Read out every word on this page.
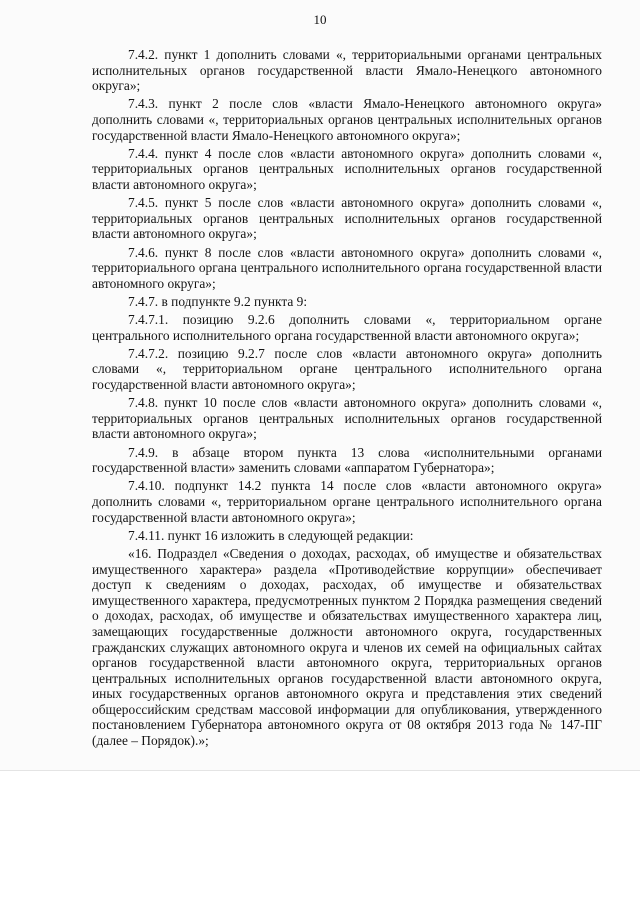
10

7.4.2. пункт 1 дополнить словами «, территориальными органами центральных исполнительных органов государственной власти Ямало-Ненецкого автономного округа»;

7.4.3. пункт 2 после слов «власти Ямало-Ненецкого автономного округа» дополнить словами «, территориальных органов центральных исполнительных органов государственной власти Ямало-Ненецкого автономного округа»;

7.4.4. пункт 4 после слов «власти автономного округа» дополнить словами «, территориальных органов центральных исполнительных органов государственной власти автономного округа»;

7.4.5. пункт 5 после слов «власти автономного округа» дополнить словами «, территориальных органов центральных исполнительных органов государственной власти автономного округа»;

7.4.6. пункт 8 после слов «власти автономного округа» дополнить словами «, территориального органа центрального исполнительного органа государственной власти автономного округа»;

7.4.7. в подпункте 9.2 пункта 9:

7.4.7.1. позицию 9.2.6 дополнить словами «, территориальном органе центрального исполнительного органа государственной власти автономного округа»;

7.4.7.2. позицию 9.2.7 после слов «власти автономного округа» дополнить словами «, территориальном органе центрального исполнительного органа государственной власти автономного округа»;

7.4.8. пункт 10 после слов «власти автономного округа» дополнить словами «, территориальных органов центральных исполнительных органов государственной власти автономного округа»;

7.4.9. в абзаце втором пункта 13 слова «исполнительными органами государственной власти» заменить словами «аппаратом Губернатора»;

7.4.10. подпункт 14.2 пункта 14 после слов «власти автономного округа» дополнить словами «, территориальном органе центрального исполнительного органа государственной власти автономного округа»;

7.4.11. пункт 16 изложить в следующей редакции:

«16. Подраздел «Сведения о доходах, расходах, об имуществе и обязательствах имущественного характера» раздела «Противодействие коррупции» обеспечивает доступ к сведениям о доходах, расходах, об имуществе и обязательствах имущественного характера, предусмотренных пунктом 2 Порядка размещения сведений о доходах, расходах, об имуществе и обязательствах имущественного характера лиц, замещающих государственные должности автономного округа, государственных гражданских служащих автономного округа и членов их семей на официальных сайтах органов государственной власти автономного округа, территориальных органов центральных исполнительных органов государственной власти автономного округа, иных государственных органов автономного округа и представления этих сведений общероссийским средствам массовой информации для опубликования, утвержденного постановлением Губернатора автономного округа от 08 октября 2013 года № 147-ПГ (далее – Порядок).»;
